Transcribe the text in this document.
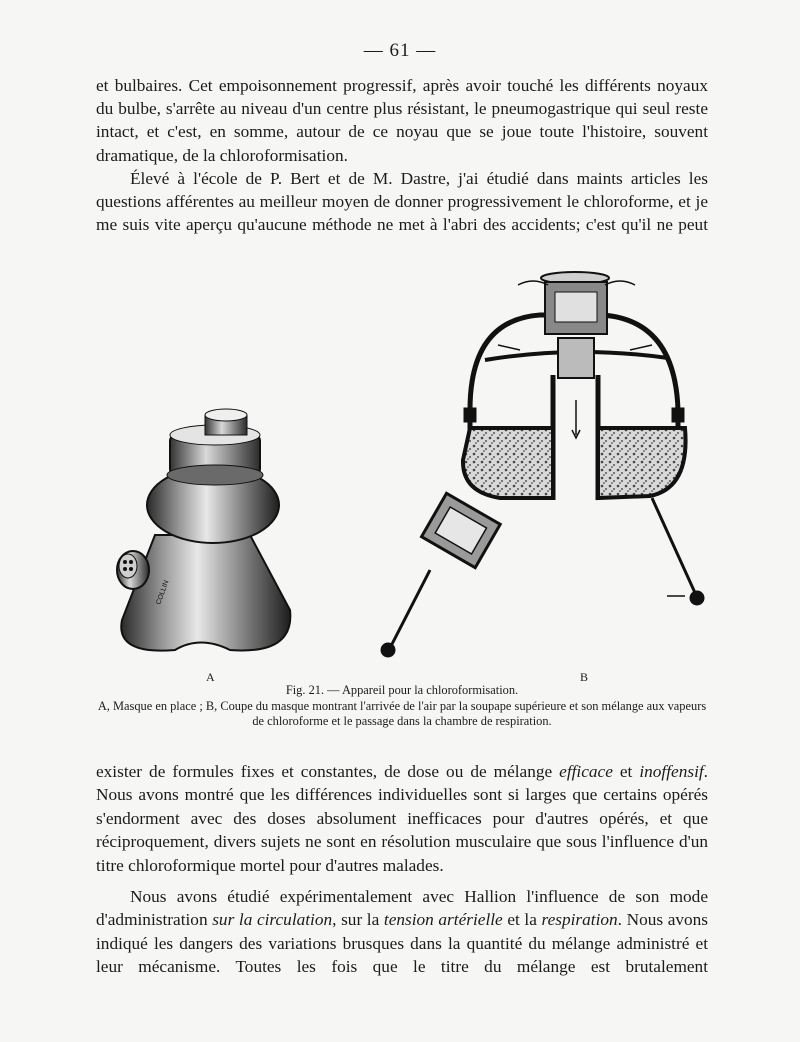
— 61 —

et bulbaires. Cet empoisonnement progressif, après avoir touché les différents noyaux du bulbe, s'arrête au niveau d'un centre plus résistant, le pneumogastrique qui seul reste intact, et c'est, en somme, autour de ce noyau que se joue toute l'histoire, souvent dramatique, de la chloroformisation.

Élevé à l'école de P. Bert et de M. Dastre, j'ai étudié dans maints articles les questions afférentes au meilleur moyen de donner progressivement le chloroforme, et je me suis vite aperçu qu'aucune méthode ne met à l'abri des accidents; c'est qu'il ne peut

COLLIN
A	B
Fig. 21. — Appareil pour la chloroformisation.
A, Masque en place ; B, Coupe du masque montrant l'arrivée de l'air par la soupape supérieure et son mélange aux vapeurs de chloroforme et le passage dans la chambre de respiration.

exister de formules fixes et constantes, de dose ou de mélange efficace et inoffensif. Nous avons montré que les différences individuelles sont si larges que certains opérés s'endorment avec des doses absolument inefficaces pour d'autres opérés, et que réciproquement, divers sujets ne sont en résolution musculaire que sous l'influence d'un titre chloroformique mortel pour d'autres malades.

Nous avons étudié expérimentalement avec Hallion l'influence de son mode d'administration sur la circulation, sur la tension artérielle et la respiration. Nous avons indiqué les dangers des variations brusques dans la quantité du mélange administré et leur mécanisme. Toutes les fois que le titre du mélange est brutalement
